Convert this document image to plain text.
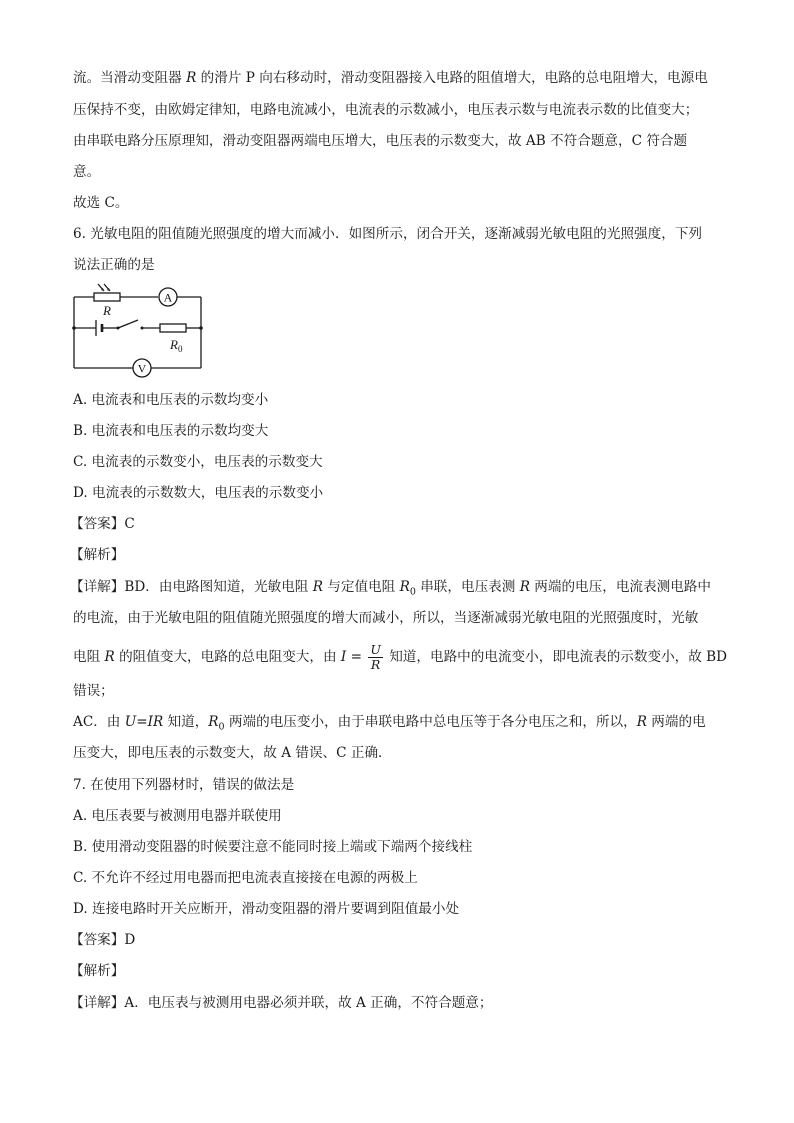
流。当滑动变阻器 R 的滑片 P 向右移动时，滑动变阻器接入电路的阻值增大，电路的总电阻增大，电源电
压保持不变，由欧姆定律知，电路电流减小，电流表的示数减小，电压表示数与电流表示数的比值变大；
由串联电路分压原理知，滑动变阻器两端电压增大，电压表的示数变大，故 AB 不符合题意，C 符合题
意。
故选 C。
6. 光敏电阻的阻值随光照强度的增大而减小．如图所示，闭合开关，逐渐减弱光敏电阻的光照强度，下列
说法正确的是
A
V
R
$R_0$
A. 电流表和电压表的示数均变小
B. 电流表和电压表的示数均变大
C. 电流表的示数变小，电压表的示数变大
D. 电流表的示数数大，电压表的示数变小
【答案】C
【解析】
【详解】BD．由电路图知道，光敏电阻 R 与定值电阻 $R_0$ 串联，电压表测 R 两端的电压，电流表测电路中
的电流，由于光敏电阻的阻值随光照强度的增大而减小，所以，当逐渐减弱光敏电阻的光照强度时，光敏
电阻 R 的阻值变大，电路的总电阻变大，由 $I = \frac{U}{R}$ 知道，电路中的电流变小，即电流表的示数变小，故 BD
错误；
AC．由 U=IR 知道，$R_0$ 两端的电压变小，由于串联电路中总电压等于各分电压之和，所以，R 两端的电
压变大，即电压表的示数变大，故 A 错误、C 正确．
7. 在使用下列器材时，错误的做法是
A. 电压表要与被测用电器并联使用
B. 使用滑动变阻器的时候要注意不能同时接上端或下端两个接线柱
C. 不允许不经过用电器而把电流表直接接在电源的两极上
D. 连接电路时开关应断开，滑动变阻器的滑片要调到阻值最小处
【答案】D
【解析】
【详解】A．电压表与被测用电器必须并联，故 A 正确，不符合题意；
